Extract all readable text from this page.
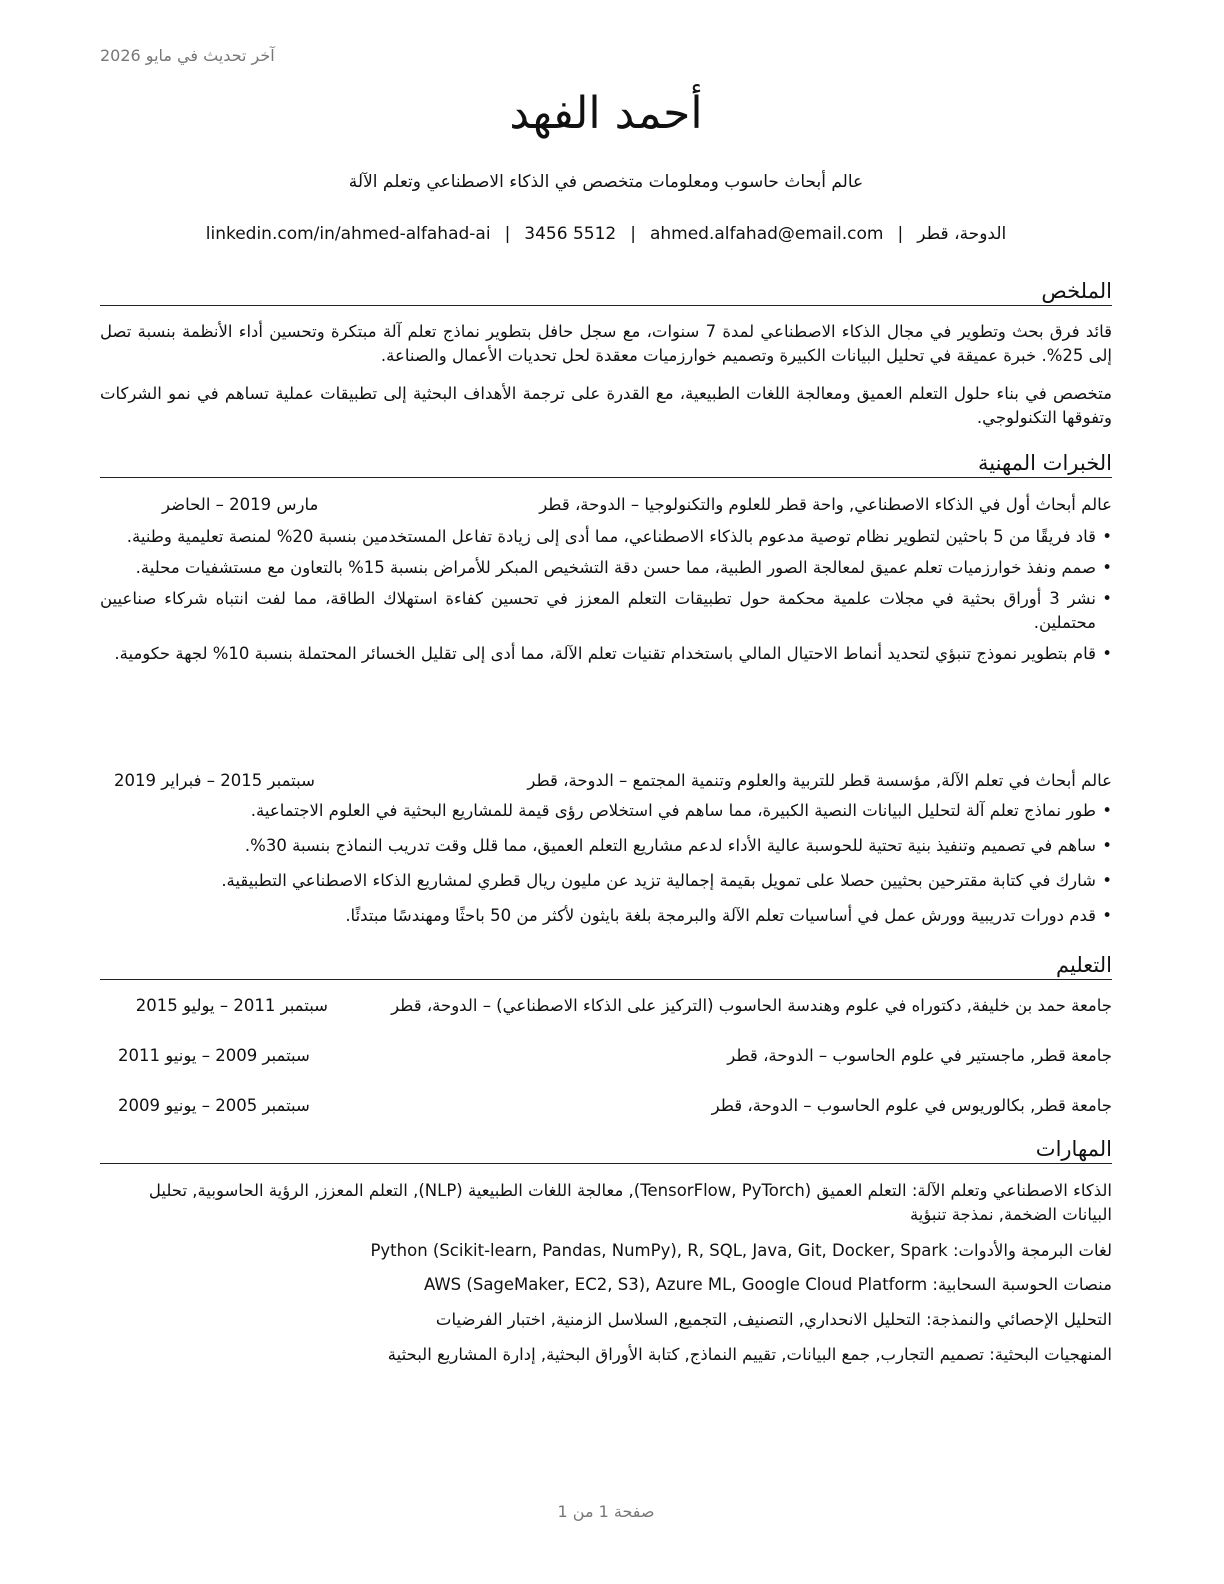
آخر تحديث في مايو 2026
أحمد الفهد
عالم أبحاث حاسوب ومعلومات متخصص في الذكاء الاصطناعي وتعلم الآلة
الدوحة، قطر|ahmed.alfahad@email.com|3456 5512|linkedin.com/in/ahmed-alfahad-ai
الملخص
قائد فرق بحث وتطوير في مجال الذكاء الاصطناعي لمدة 7 سنوات، مع سجل حافل بتطوير نماذج تعلم آلة مبتكرة وتحسين أداء الأنظمة بنسبة تصل إلى 25%. خبرة عميقة في تحليل البيانات الكبيرة وتصميم خوارزميات معقدة لحل تحديات الأعمال والصناعة.
متخصص في بناء حلول التعلم العميق ومعالجة اللغات الطبيعية، مع القدرة على ترجمة الأهداف البحثية إلى تطبيقات عملية تساهم في نمو الشركات وتفوقها التكنولوجي.
الخبرات المهنية
عالم أبحاث أول في الذكاء الاصطناعي, واحة قطر للعلوم والتكنولوجيا – الدوحة، قطر
مارس 2019 – الحاضر
• قاد فريقًا من 5 باحثين لتطوير نظام توصية مدعوم بالذكاء الاصطناعي، مما أدى إلى زيادة تفاعل المستخدمين بنسبة 20% لمنصة تعليمية وطنية.
• صمم ونفذ خوارزميات تعلم عميق لمعالجة الصور الطبية، مما حسن دقة التشخيص المبكر للأمراض بنسبة 15% بالتعاون مع مستشفيات محلية.
• نشر 3 أوراق بحثية في مجلات علمية محكمة حول تطبيقات التعلم المعزز في تحسين كفاءة استهلاك الطاقة، مما لفت انتباه شركاء صناعيين محتملين.
• قام بتطوير نموذج تنبؤي لتحديد أنماط الاحتيال المالي باستخدام تقنيات تعلم الآلة، مما أدى إلى تقليل الخسائر المحتملة بنسبة 10% لجهة حكومية.
عالم أبحاث في تعلم الآلة, مؤسسة قطر للتربية والعلوم وتنمية المجتمع – الدوحة، قطر
سبتمبر 2015 – فبراير 2019
• طور نماذج تعلم آلة لتحليل البيانات النصية الكبيرة، مما ساهم في استخلاص رؤى قيمة للمشاريع البحثية في العلوم الاجتماعية.
• ساهم في تصميم وتنفيذ بنية تحتية للحوسبة عالية الأداء لدعم مشاريع التعلم العميق، مما قلل وقت تدريب النماذج بنسبة 30%.
• شارك في كتابة مقترحين بحثيين حصلا على تمويل بقيمة إجمالية تزيد عن مليون ريال قطري لمشاريع الذكاء الاصطناعي التطبيقية.
• قدم دورات تدريبية وورش عمل في أساسيات تعلم الآلة والبرمجة بلغة بايثون لأكثر من 50 باحثًا ومهندسًا مبتدئًا.
التعليم
جامعة حمد بن خليفة, دكتوراه في علوم وهندسة الحاسوب (التركيز على الذكاء الاصطناعي) – الدوحة، قطر
سبتمبر 2011 – يوليو 2015
جامعة قطر, ماجستير في علوم الحاسوب – الدوحة، قطر
سبتمبر 2009 – يونيو 2011
جامعة قطر, بكالوريوس في علوم الحاسوب – الدوحة، قطر
سبتمبر 2005 – يونيو 2009
المهارات
الذكاء الاصطناعي وتعلم الآلة: التعلم العميق (TensorFlow, PyTorch), معالجة اللغات الطبيعية (NLP), التعلم المعزز, الرؤية الحاسوبية, تحليل البيانات الضخمة, نمذجة تنبؤية
لغات البرمجة والأدوات: Python (Scikit-learn, Pandas, NumPy), R, SQL, Java, Git, Docker, Spark
منصات الحوسبة السحابية: AWS (SageMaker, EC2, S3), Azure ML, Google Cloud Platform
التحليل الإحصائي والنمذجة: التحليل الانحداري, التصنيف, التجميع, السلاسل الزمنية, اختبار الفرضيات
المنهجيات البحثية: تصميم التجارب, جمع البيانات, تقييم النماذج, كتابة الأوراق البحثية, إدارة المشاريع البحثية
صفحة 1 من 1
